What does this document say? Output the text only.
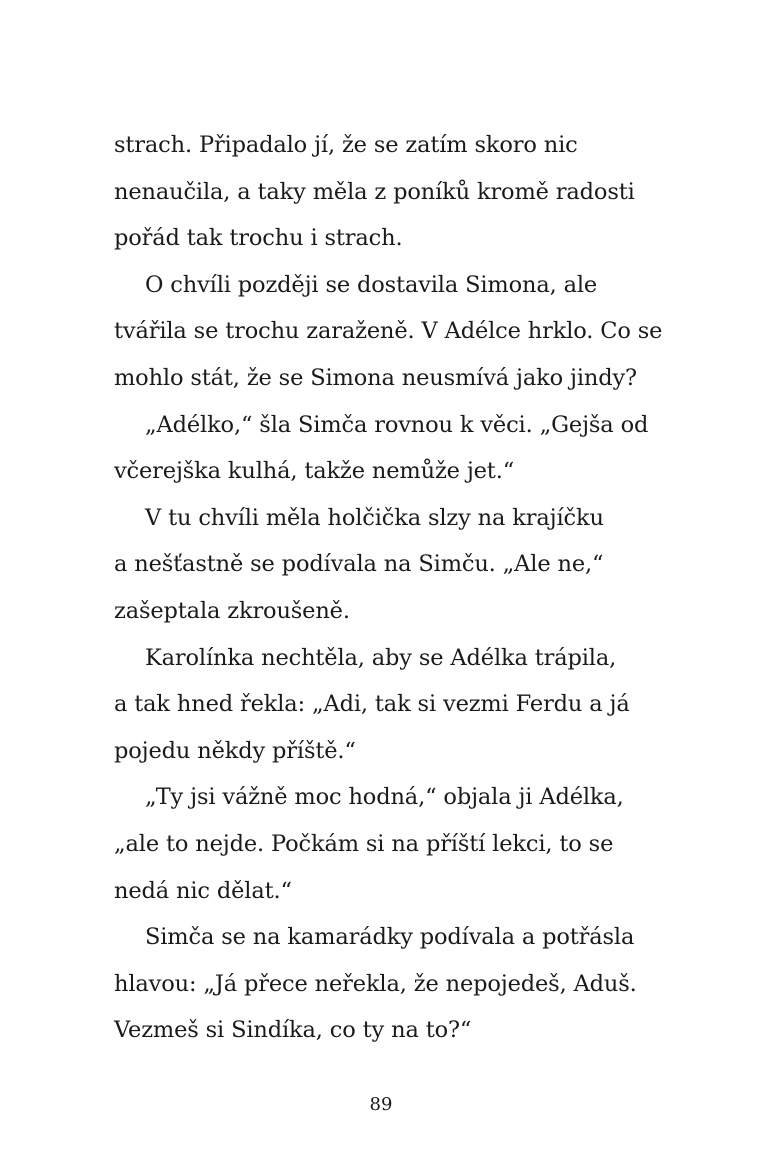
strach. Připadalo jí, že se zatím skoro nic
nenaučila, a taky měla z poníků kromě radosti
pořád tak trochu i strach.
O chvíli později se dostavila Simona, ale
tvářila se trochu zaraženě. V Adélce hrklo. Co se
mohlo stát, že se Simona neusmívá jako jindy?
„Adélko,“ šla Simča rovnou k věci. „Gejša od
včerejška kulhá, takže nemůže jet.“
V tu chvíli měla holčička slzy na krajíčku
a nešťastně se podívala na Simču. „Ale ne,“
zašeptala zkroušeně.
Karolínka nechtěla, aby se Adélka trápila,
a tak hned řekla: „Adi, tak si vezmi Ferdu a já
pojedu někdy příště.“
„Ty jsi vážně moc hodná,“ objala ji Adélka,
„ale to nejde. Počkám si na příští lekci, to se
nedá nic dělat.“
Simča se na kamarádky podívala a potřásla
hlavou: „Já přece neřekla, že nepojedeš, Aduš.
Vezmeš si Sindíka, co ty na to?“
89
